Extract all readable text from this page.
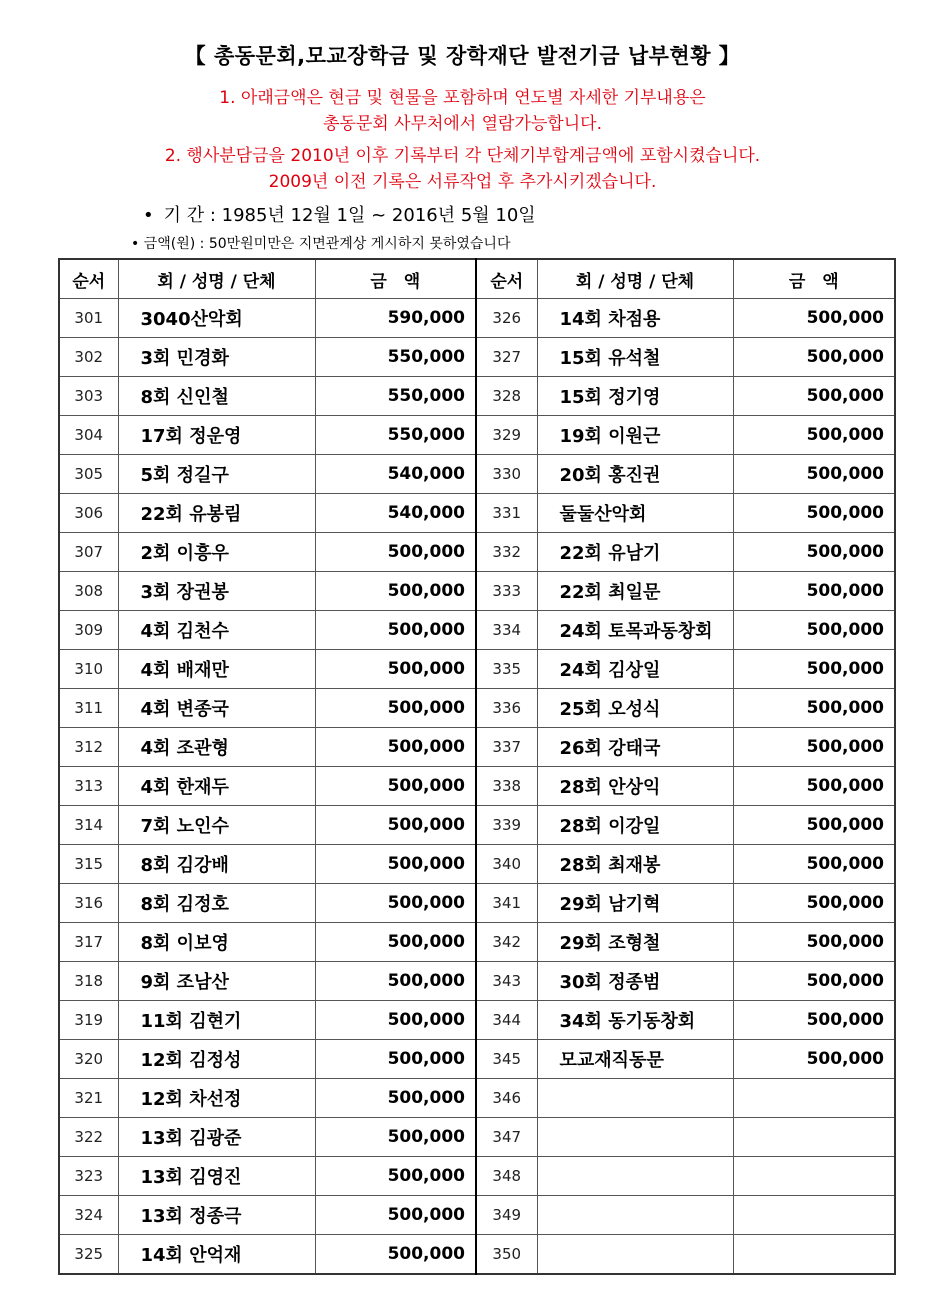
【 총동문회,모교장학금 및 장학재단 발전기금 납부현황 】
1. 아래금액은 현금 및 현물을 포함하며 연도별 자세한 기부내용은
총동문회 사무처에서 열람가능합니다.
2. 행사분담금을 2010년 이후 기록부터 각 단체기부합계금액에 포함시켰습니다.
2009년 이전 기록은 서류작업 후 추가시키겠습니다.
• 기 간 : 1985년 12월 1일 ~ 2016년 5월 10일
• 금액(원) : 50만원미만은 지면관계상 게시하지 못하였습니다
순서	회 / 성명 / 단체	금　액	순서	회 / 성명 / 단체	금　액
301	3040산악회	590,000	326	14회 차점용	500,000
302	3회 민경화	550,000	327	15회 유석철	500,000
303	8회 신인철	550,000	328	15회 정기영	500,000
304	17회 정운영	550,000	329	19회 이원근	500,000
305	5회 정길구	540,000	330	20회 홍진권	500,000
306	22회 유봉림	540,000	331	둘둘산악회	500,000
307	2회 이흥우	500,000	332	22회 유남기	500,000
308	3회 장권봉	500,000	333	22회 최일문	500,000
309	4회 김천수	500,000	334	24회 토목과동창회	500,000
310	4회 배재만	500,000	335	24회 김상일	500,000
311	4회 변종국	500,000	336	25회 오성식	500,000
312	4회 조관형	500,000	337	26회 강태국	500,000
313	4회 한재두	500,000	338	28회 안상익	500,000
314	7회 노인수	500,000	339	28회 이강일	500,000
315	8회 김강배	500,000	340	28회 최재봉	500,000
316	8회 김정호	500,000	341	29회 남기혁	500,000
317	8회 이보영	500,000	342	29회 조형철	500,000
318	9회 조남산	500,000	343	30회 정종범	500,000
319	11회 김현기	500,000	344	34회 동기동창회	500,000
320	12회 김정성	500,000	345	모교재직동문	500,000
321	12회 차선정	500,000	346		
322	13회 김광준	500,000	347		
323	13회 김영진	500,000	348		
324	13회 정종극	500,000	349		
325	14회 안억재	500,000	350		
